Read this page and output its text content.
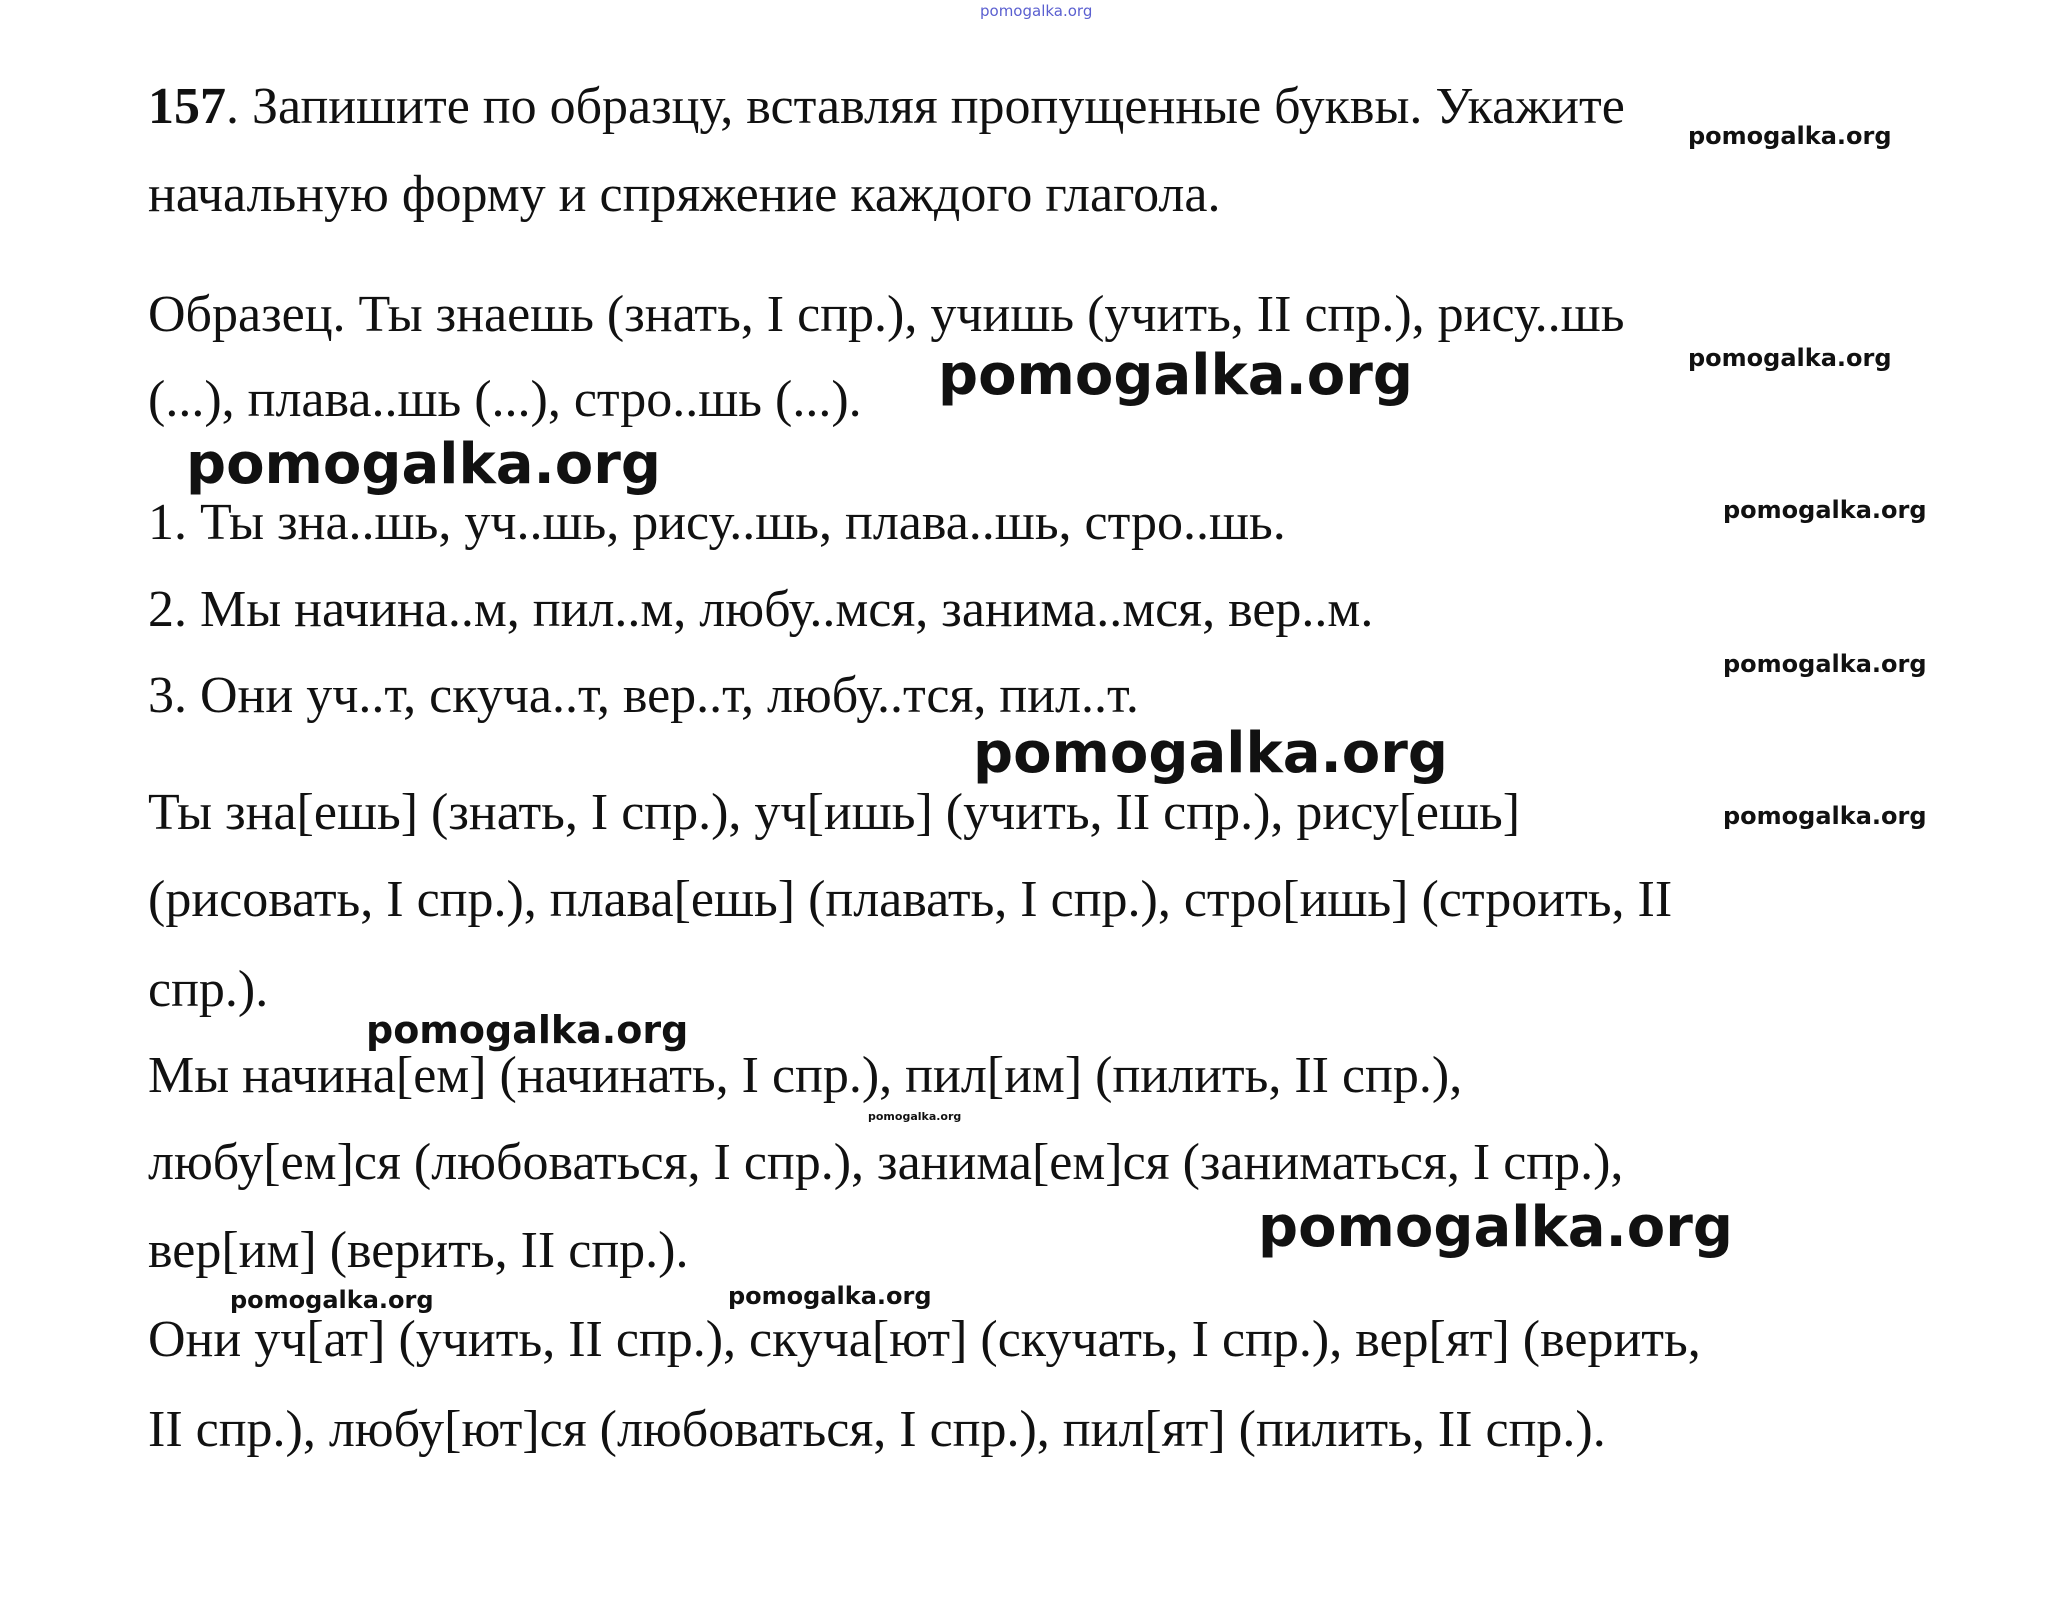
pomogalka.org
157. Запишите по образцу, вставляя пропущенные буквы. Укажите
начальную форму и спряжение каждого глагола.
Образец. Ты знаешь (знать, I спр.), учишь (учить, II спр.), рису..шь
(...), плава..шь (...), стро..шь (...).
1. Ты зна..шь, уч..шь, рису..шь, плава..шь, стро..шь.
2. Мы начина..м, пил..м, любу..мся, занима..мся, вер..м.
3. Они уч..т, скуча..т, вер..т, любу..тся, пил..т.
Ты зна[ешь] (знать, I спр.), уч[ишь] (учить, II спр.), рису[ешь]
(рисовать, I спр.), плава[ешь] (плавать, I спр.), стро[ишь] (строить, II
спр.).
Мы начина[ем] (начинать, I спр.), пил[им] (пилить, II спр.),
любу[ем]ся (любоваться, I спр.), занима[ем]ся (заниматься, I спр.),
вер[им] (верить, II спр.).
Они уч[ат] (учить, II спр.), скуча[ют] (скучать, I спр.), вер[ят] (верить,
II спр.), любу[ют]ся (любоваться, I спр.), пил[ят] (пилить, II спр.).
pomogalka.org
pomogalka.org	pomogalka.org
pomogalka.org
pomogalka.org
pomogalka.org
pomogalka.org
pomogalka.org
pomogalka.org
pomogalka.org
pomogalka.org
pomogalka.org	pomogalka.org
